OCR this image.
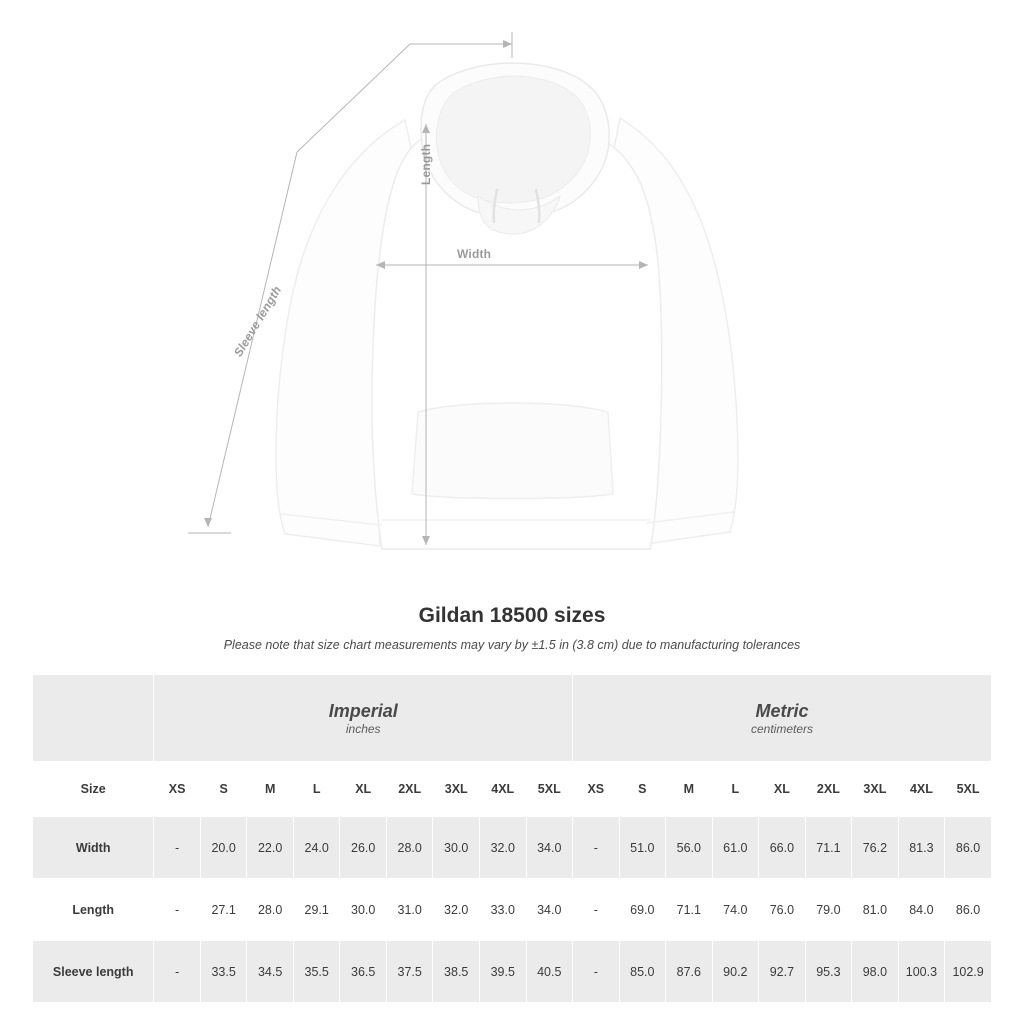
Width
Length
Sleeve length
Gildan 18500 sizes

Please note that size chart measurements may vary by ±1.5 in (3.8 cm) due to manufacturing tolerances

Imperial
inches

Metric
centimeters

Size	XS	S	M	L	XL	2XL	3XL	4XL	5XL	XS	S	M	L	XL	2XL	3XL	4XL	5XL
Width	-	20.0	22.0	24.0	26.0	28.0	30.0	32.0	34.0	-	51.0	56.0	61.0	66.0	71.1	76.2	81.3	86.0
Length	-	27.1	28.0	29.1	30.0	31.0	32.0	33.0	34.0	-	69.0	71.1	74.0	76.0	79.0	81.0	84.0	86.0
Sleeve length	-	33.5	34.5	35.5	36.5	37.5	38.5	39.5	40.5	-	85.0	87.6	90.2	92.7	95.3	98.0	100.3	102.9
